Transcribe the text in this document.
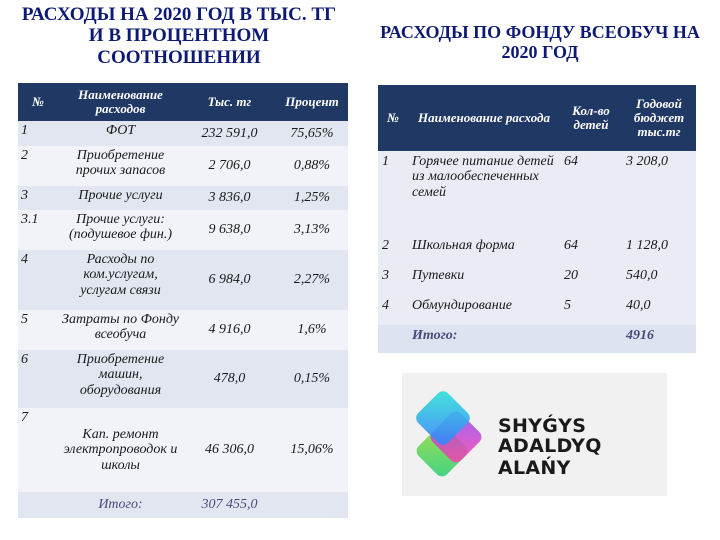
РАСХОДЫ НА 2020 ГОД В ТЫС. ТГ И В ПРОЦЕНТНОМ СООТНОШЕНИИ
№	Наименование расходов	Тыс. тг	Процент
1	ФОТ	232 591,0	75,65%
2	Приобретение прочих запасов	2 706,0	0,88%
3	Прочие услуги	3 836,0	1,25%
3.1	Прочие услуги: (подушевое фин.)	9 638,0	3,13%
4	Расходы по ком.услугам, услугам связи	6 984,0	2,27%
5	Затраты по Фонду всеобуча	4 916,0	1,6%
6	Приобретение машин, оборудования	478,0	0,15%
7	Кап. ремонт электропроводок и школы	46 306,0	15,06%
	Итого:	307 455,0	
РАСХОДЫ ПО ФОНДУ ВСЕОБУЧ НА 2020 ГОД
№	Наименование расхода	Кол-во детей	Годовой бюджет тыс.тг
1	Горячее питание детей из малообеспеченных семей	64	3 208,0
2	Школьная форма	64	1 128,0
3	Путевки	20	540,0
4	Обмундирование	5	40,0
	Итого:		4916
SHYǴYS
ADALDYQ ALAŃY
